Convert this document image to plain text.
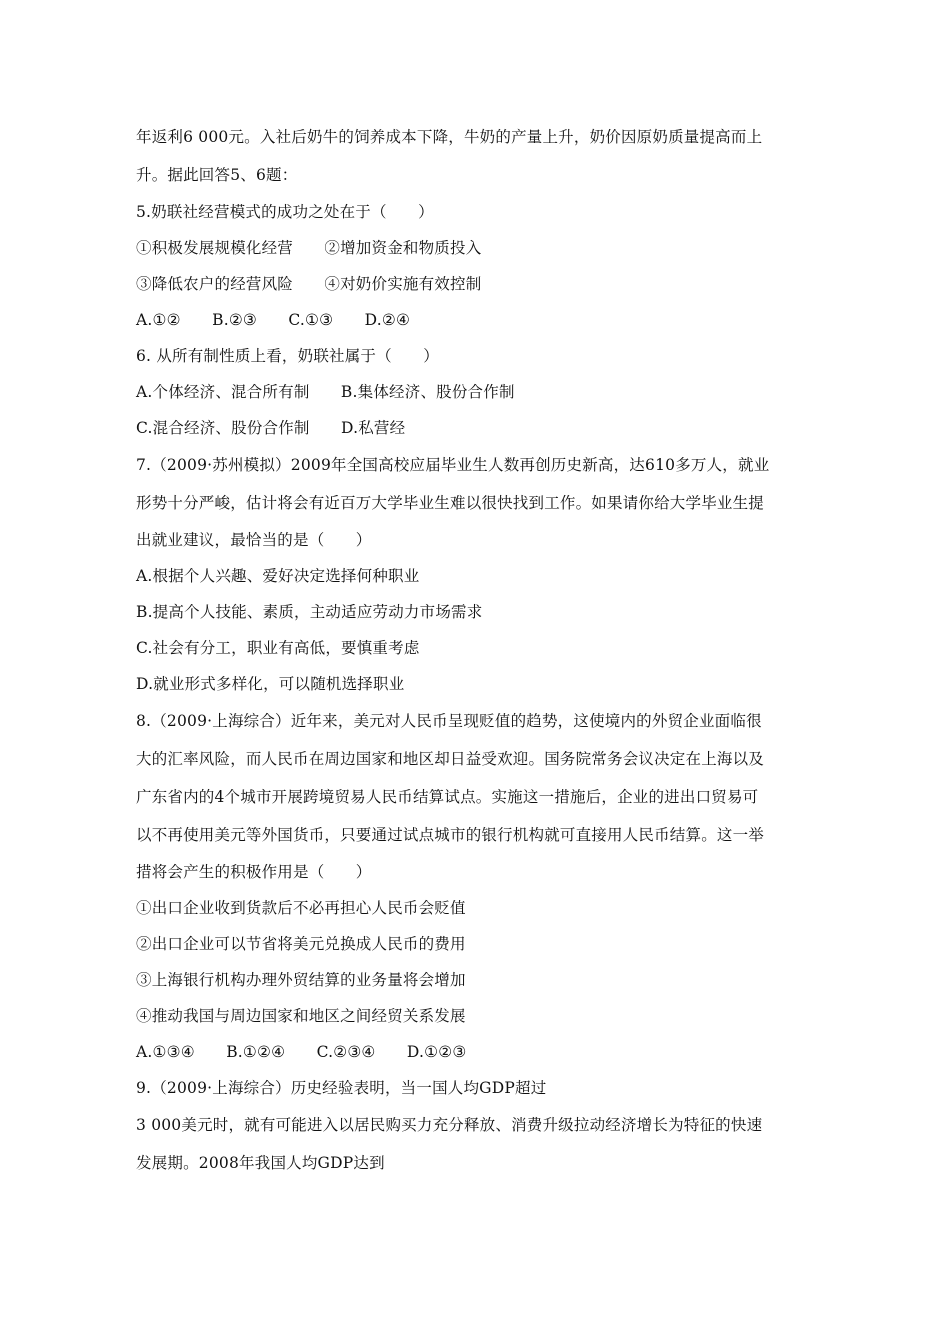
年返利6 000元。入社后奶牛的饲养成本下降，牛奶的产量上升，奶价因原奶质量提高而上
升。据此回答5、6题：
5.奶联社经营模式的成功之处在于（　　）
①积极发展规模化经营　　②增加资金和物质投入
③降低农户的经营风险　　④对奶价实施有效控制
A.①②　　B.②③　　C.①③　　D.②④
6. 从所有制性质上看，奶联社属于（　　）
A.个体经济、混合所有制　　B.集体经济、股份合作制
C.混合经济、股份合作制　　D.私营经
7.（2009·苏州模拟）2009年全国高校应届毕业生人数再创历史新高，达610多万人，就业
形势十分严峻，估计将会有近百万大学毕业生难以很快找到工作。如果请你给大学毕业生提
出就业建议，最恰当的是（　　）
A.根据个人兴趣、爱好决定选择何种职业
B.提高个人技能、素质，主动适应劳动力市场需求
C.社会有分工，职业有高低，要慎重考虑
D.就业形式多样化，可以随机选择职业
8.（2009·上海综合）近年来，美元对人民币呈现贬值的趋势，这使境内的外贸企业面临很
大的汇率风险，而人民币在周边国家和地区却日益受欢迎。国务院常务会议决定在上海以及
广东省内的4个城市开展跨境贸易人民币结算试点。实施这一措施后，企业的进出口贸易可
以不再使用美元等外国货币，只要通过试点城市的银行机构就可直接用人民币结算。这一举
措将会产生的积极作用是（　　）
①出口企业收到货款后不必再担心人民币会贬值
②出口企业可以节省将美元兑换成人民币的费用
③上海银行机构办理外贸结算的业务量将会增加
④推动我国与周边国家和地区之间经贸关系发展
A.①③④　　B.①②④　　C.②③④　　D.①②③
9.（2009·上海综合）历史经验表明，当一国人均GDP超过
3 000美元时，就有可能进入以居民购买力充分释放、消费升级拉动经济增长为特征的快速
发展期。2008年我国人均GDP达到
